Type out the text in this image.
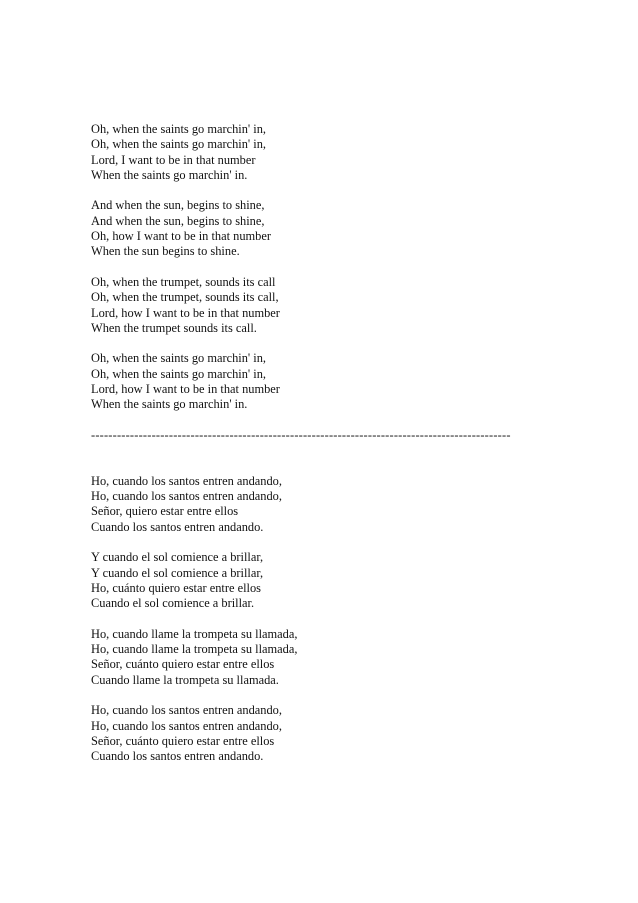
Oh, when the saints go marchin' in,
Oh, when the saints go marchin' in,
Lord, I want to be in that number
When the saints go marchin' in.
And when the sun, begins to shine,
And when the sun, begins to shine,
Oh, how I want to be in that number
When the sun begins to shine.
Oh, when the trumpet, sounds its call
Oh, when the trumpet, sounds its call,
Lord, how I want to be in that number
When the trumpet sounds its call.
Oh, when the saints go marchin' in,
Oh, when the saints go marchin' in,
Lord, how I want to be in that number
When the saints go marchin' in.
-------------------------------------------------------------------------------------------------
Ho, cuando los santos entren andando,
Ho, cuando los santos entren andando,
Señor, quiero estar entre ellos
Cuando los santos entren andando.
Y cuando el sol comience a brillar,
Y cuando el sol comience a brillar,
Ho, cuánto quiero estar entre ellos
Cuando el sol comience a brillar.
Ho, cuando llame la trompeta su llamada,
Ho, cuando llame la trompeta su llamada,
Señor, cuánto quiero estar entre ellos
Cuando llame la trompeta su llamada.
Ho, cuando los santos entren andando,
Ho, cuando los santos entren andando,
Señor, cuánto quiero estar entre ellos
Cuando los santos entren andando.
